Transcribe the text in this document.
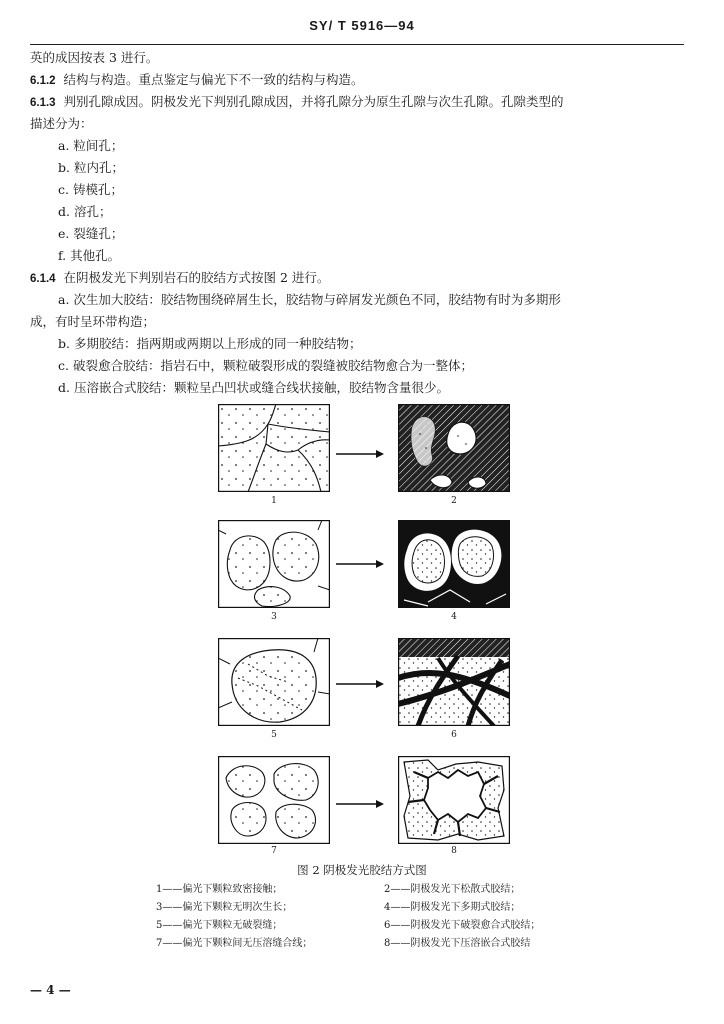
SY/ T 5916—94
英的成因按表 3 进行。
6.1.2 结构与构造。重点鉴定与偏光下不一致的结构与构造。
6.1.3 判别孔隙成因。阴极发光下判别孔隙成因，并将孔隙分为原生孔隙与次生孔隙。孔隙类型的
描述分为：
a. 粒间孔；
b. 粒内孔；
c. 铸模孔；
d. 溶孔；
e. 裂缝孔；
f. 其他孔。
6.1.4 在阴极发光下判别岩石的胶结方式按图 2 进行。
a. 次生加大胶结：胶结物围绕碎屑生长，胶结物与碎屑发光颜色不同，胶结物有时为多期形
成，有时呈环带构造；
b. 多期胶结：指两期或两期以上形成的同一种胶结物；
c. 破裂愈合胶结：指岩石中，颗粒破裂形成的裂缝被胶结物愈合为一整体；
d. 压溶嵌合式胶结：颗粒呈凸凹状或缝合线状接触，胶结物含量很少。
1	2
3	4
5	6
7	8
图 2 阴极发光胶结方式图
1——偏光下颗粒致密接触；	2——阴极发光下松散式胶结；
3——偏光下颗粒无明次生长；	4——阴极发光下多期式胶结；
5——偏光下颗粒无破裂缝；	6——阴极发光下破裂愈合式胶结；
7——偏光下颗粒间无压溶缝合线；	8——阴极发光下压溶嵌合式胶结
— 4 —
